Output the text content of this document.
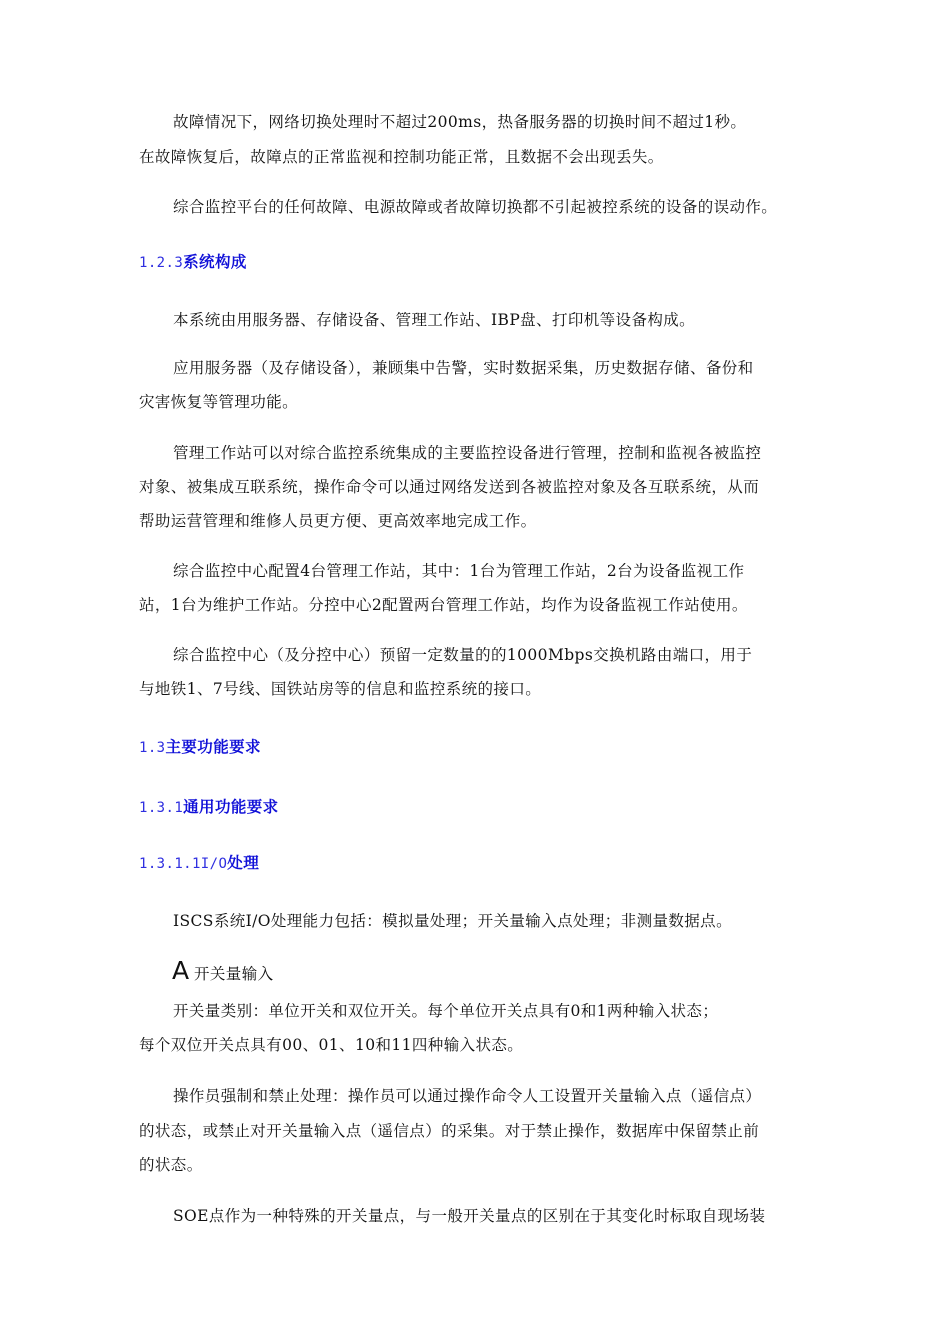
故障情况下，网络切换处理时不超过200ms，热备服务器的切换时间不超过1秒。
在故障恢复后，故障点的正常监视和控制功能正常，且数据不会出现丢失。
综合监控平台的任何故障、电源故障或者故障切换都不引起被控系统的设备的误动作。
1.2.3系统构成
本系统由用服务器、存储设备、管理工作站、IBP盘、打印机等设备构成。
应用服务器（及存储设备），兼顾集中告警，实时数据采集，历史数据存储、备份和
灾害恢复等管理功能。
管理工作站可以对综合监控系统集成的主要监控设备进行管理，控制和监视各被监控
对象、被集成互联系统，操作命令可以通过网络发送到各被监控对象及各互联系统，从而
帮助运营管理和维修人员更方便、更高效率地完成工作。
综合监控中心配置4台管理工作站，其中：1台为管理工作站，2台为设备监视工作
站，1台为维护工作站。分控中心2配置两台管理工作站，均作为设备监视工作站使用。
综合监控中心（及分控中心）预留一定数量的的1000Mbps交换机路由端口，用于
与地铁1、7号线、国铁站房等的信息和监控系统的接口。
1.3主要功能要求
1.3.1通用功能要求
1.3.1.1I/O处理
ISCS系统I/O处理能力包括：模拟量处理；开关量输入点处理；非测量数据点。
A 开关量输入
开关量类别：单位开关和双位开关。每个单位开关点具有0和1两种输入状态；
每个双位开关点具有00、01、10和11四种输入状态。
操作员强制和禁止处理：操作员可以通过操作命令人工设置开关量输入点（遥信点）
的状态，或禁止对开关量输入点（遥信点）的采集。对于禁止操作，数据库中保留禁止前
的状态。
SOE点作为一种特殊的开关量点，与一般开关量点的区别在于其变化时标取自现场装
